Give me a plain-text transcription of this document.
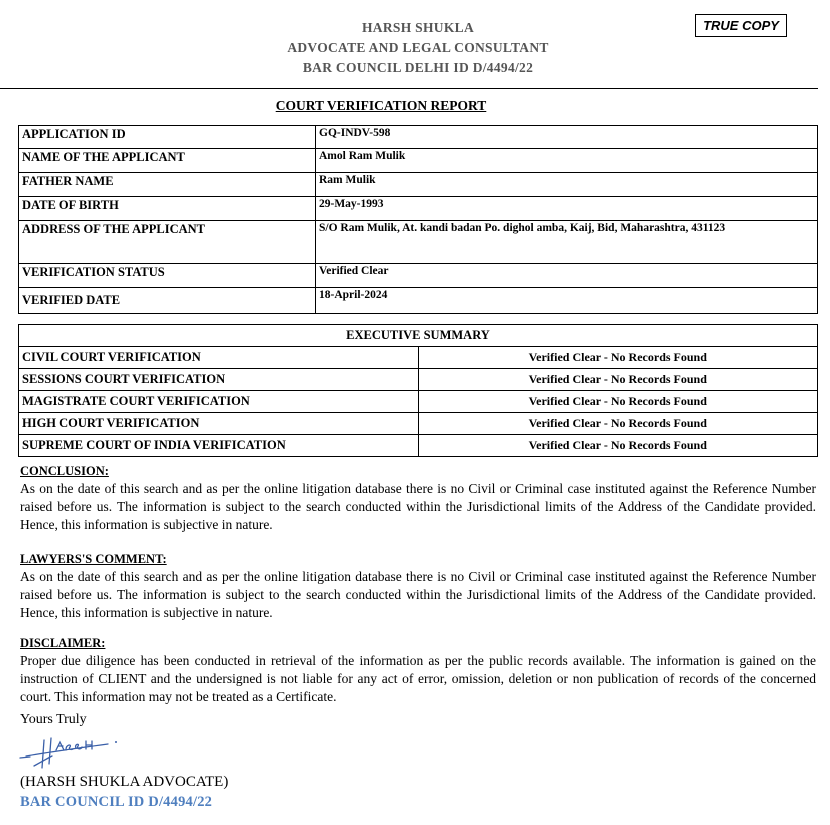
HARSH SHUKLA
ADVOCATE AND LEGAL CONSULTANT
BAR COUNCIL DELHI ID D/4494/22
TRUE COPY
COURT VERIFICATION REPORT
APPLICATION ID	GQ-INDV-598
NAME OF THE APPLICANT	Amol Ram Mulik
FATHER NAME	Ram Mulik
DATE OF BIRTH	29-May-1993
ADDRESS OF THE APPLICANT	S/O Ram Mulik, At. kandi badan Po. dighol amba, Kaij, Bid, Maharashtra, 431123
VERIFICATION STATUS	Verified Clear
VERIFIED DATE	18-April-2024
EXECUTIVE SUMMARY	
CIVIL COURT VERIFICATION	Verified Clear - No Records Found
SESSIONS COURT VERIFICATION	Verified Clear - No Records Found
MAGISTRATE COURT VERIFICATION	Verified Clear - No Records Found
HIGH COURT VERIFICATION	Verified Clear - No Records Found
SUPREME COURT OF INDIA VERIFICATION	Verified Clear - No Records Found
CONCLUSION:
As on the date of this search and as per the online litigation database there is no Civil or Criminal case instituted against the Reference Number raised before us. The information is subject to the search conducted within the Jurisdictional limits of the Address of the Candidate provided. Hence, this information is subjective in nature.
LAWYERS'S COMMENT:
As on the date of this search and as per the online litigation database there is no Civil or Criminal case instituted against the Reference Number raised before us. The information is subject to the search conducted within the Jurisdictional limits of the Address of the Candidate provided. Hence, this information is subjective in nature.
DISCLAIMER:
Proper due diligence has been conducted in retrieval of the information as per the public records available. The information is gained on the instruction of CLIENT and the undersigned is not liable for any act of error, omission, deletion or non publication of records of the concerned court. This information may not be treated as a Certificate.
Yours Truly
(HARSH SHUKLA ADVOCATE)
BAR COUNCIL ID D/4494/22
